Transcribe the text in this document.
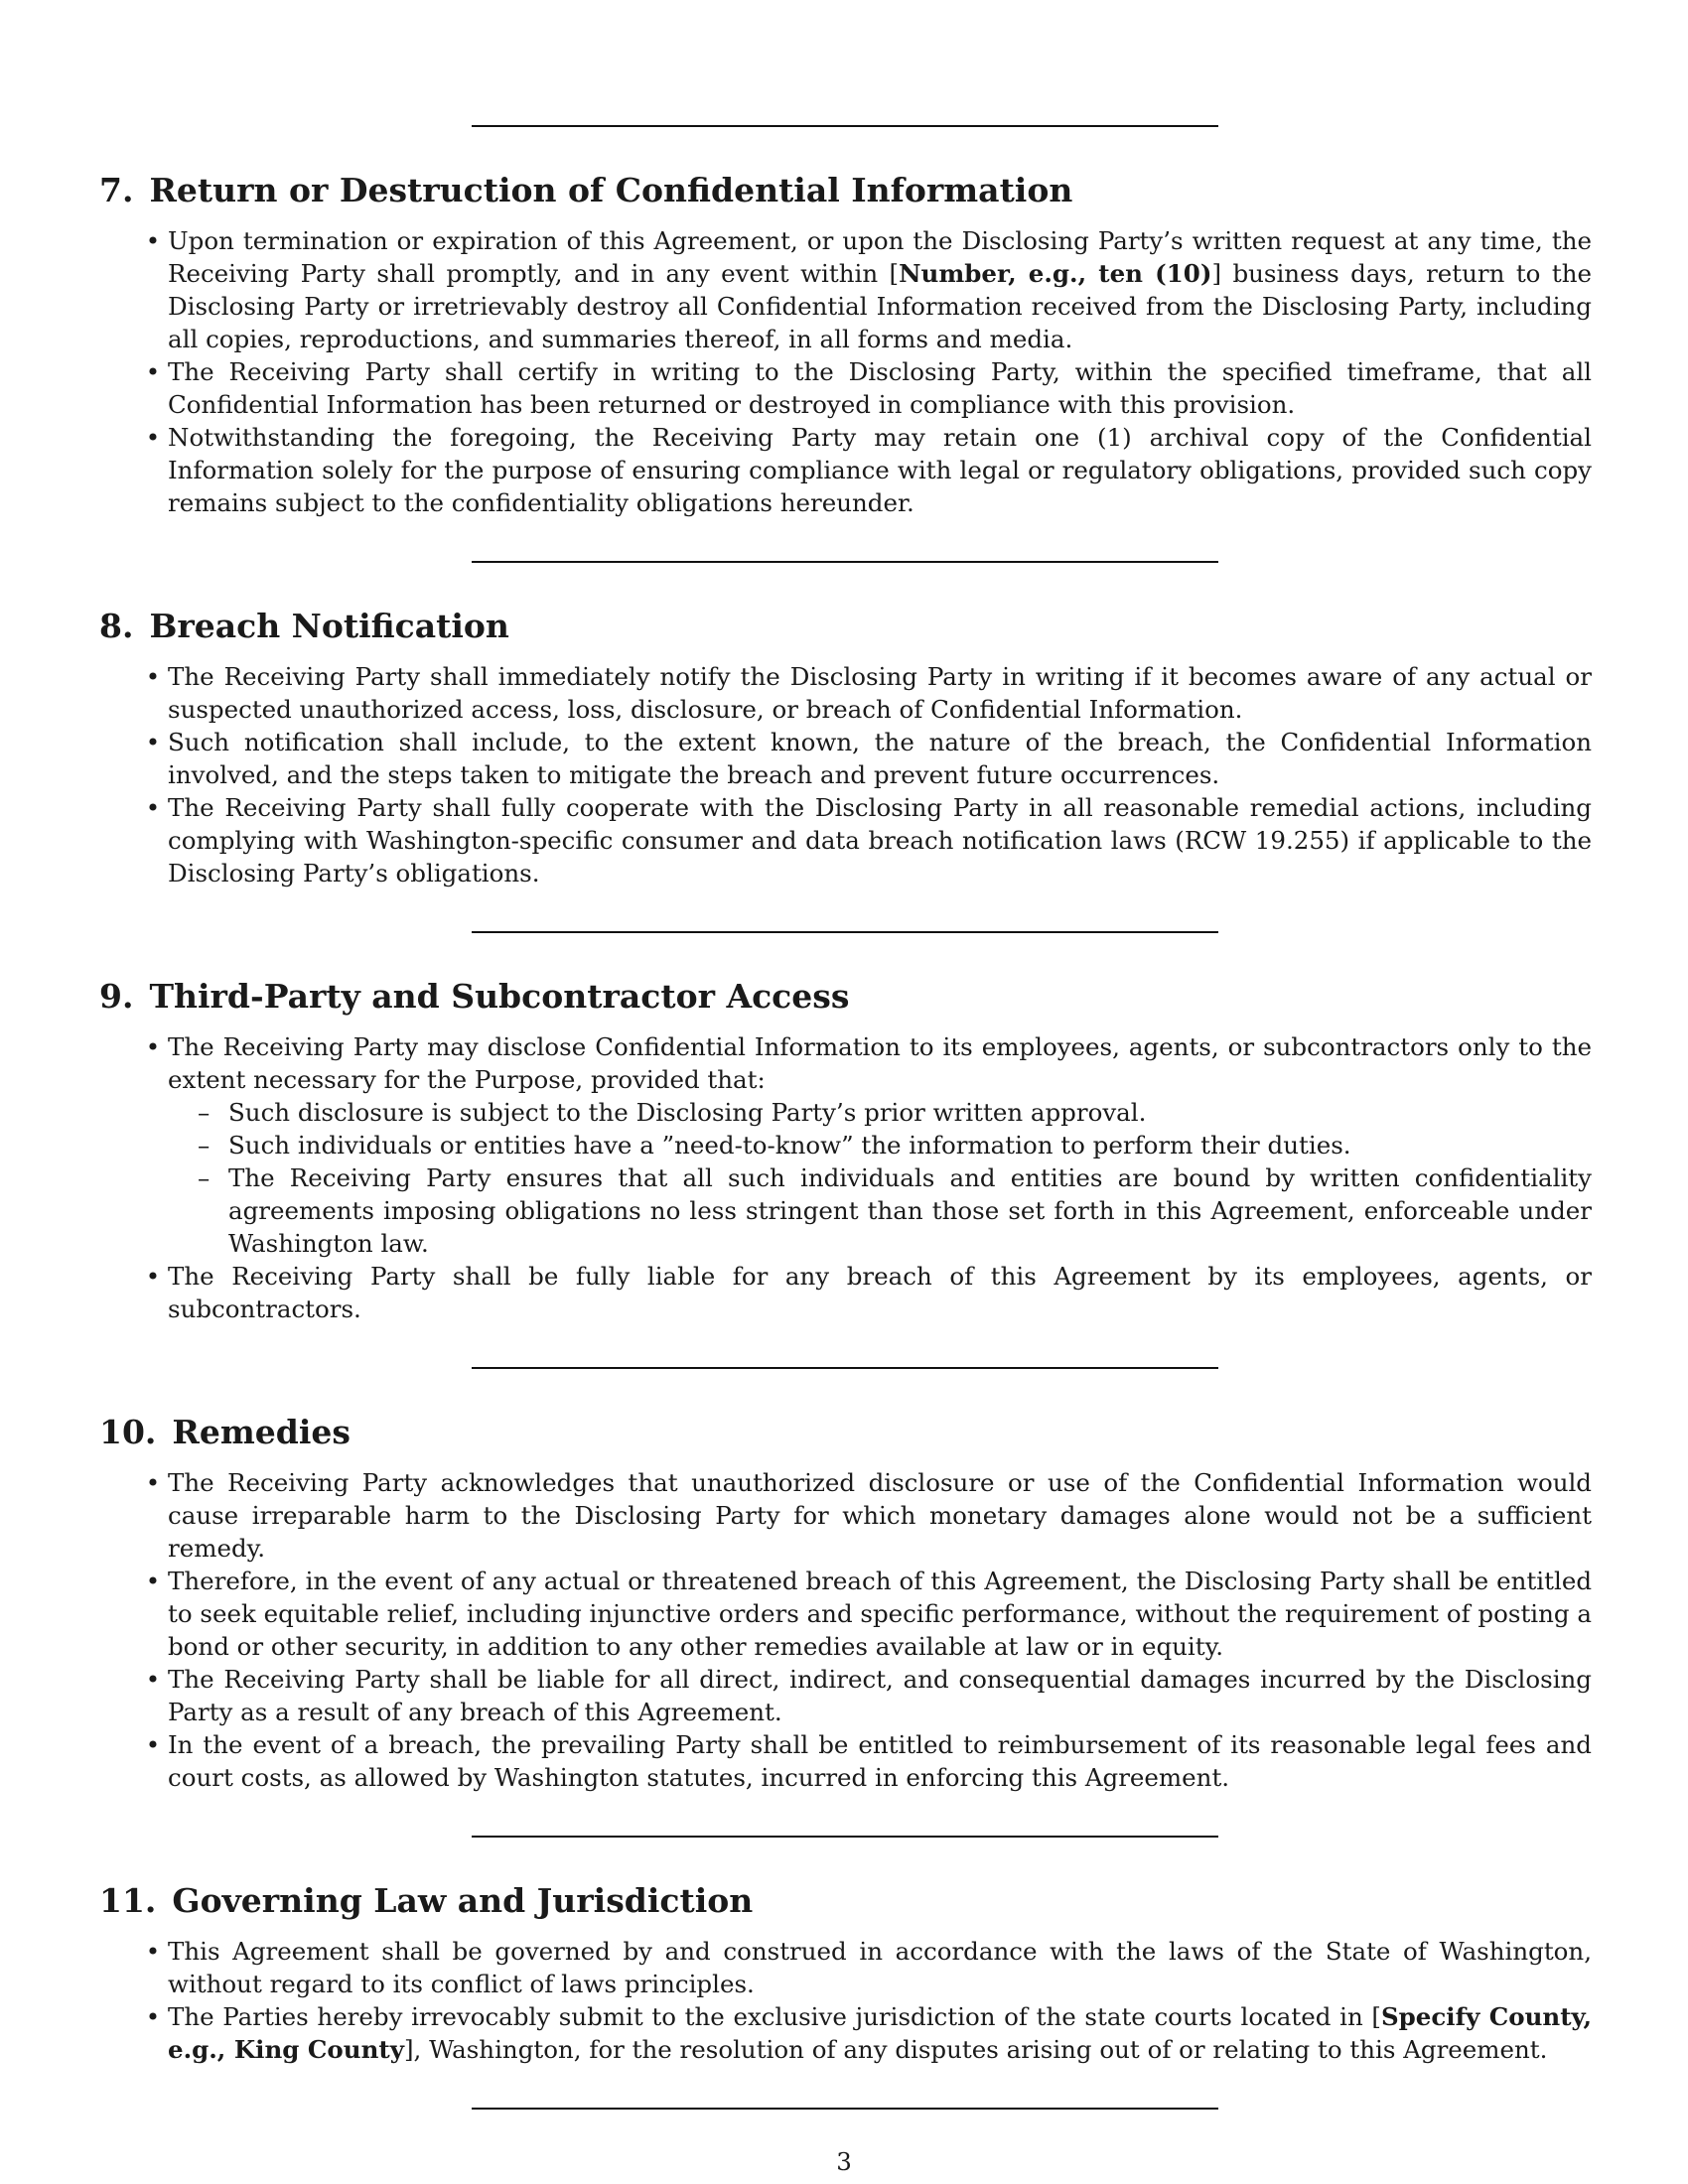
7. Return or Destruction of Confidential Information
• Upon termination or expiration of this Agreement, or upon the Disclosing Party’s written request at any time, the Receiving Party shall promptly, and in any event within [Number, e.g., ten (10)] business days, return to the Disclosing Party or irretrievably destroy all Confidential Information received from the Disclosing Party, including all copies, reproductions, and summaries thereof, in all forms and media.
• The Receiving Party shall certify in writing to the Disclosing Party, within the specified timeframe, that all Confidential Information has been returned or destroyed in compliance with this provision.
• Notwithstanding the foregoing, the Receiving Party may retain one (1) archival copy of the Confidential Information solely for the purpose of ensuring compliance with legal or regulatory obligations, provided such copy remains subject to the confidentiality obligations hereunder.
8. Breach Notification
• The Receiving Party shall immediately notify the Disclosing Party in writing if it becomes aware of any actual or suspected unauthorized access, loss, disclosure, or breach of Confidential Information.
• Such notification shall include, to the extent known, the nature of the breach, the Confidential Information involved, and the steps taken to mitigate the breach and prevent future occurrences.
• The Receiving Party shall fully cooperate with the Disclosing Party in all reasonable remedial actions, including complying with Washington-specific consumer and data breach notification laws (RCW 19.255) if applicable to the Disclosing Party’s obligations.
9. Third-Party and Subcontractor Access
• The Receiving Party may disclose Confidential Information to its employees, agents, or subcontractors only to the extent necessary for the Purpose, provided that:
– Such disclosure is subject to the Disclosing Party’s prior written approval.
– Such individuals or entities have a ”need-to-know” the information to perform their duties.
– The Receiving Party ensures that all such individuals and entities are bound by written confidentiality agreements imposing obligations no less stringent than those set forth in this Agreement, enforceable under Washington law.
• The Receiving Party shall be fully liable for any breach of this Agreement by its employees, agents, or subcontractors.
10. Remedies
• The Receiving Party acknowledges that unauthorized disclosure or use of the Confidential Information would cause irreparable harm to the Disclosing Party for which monetary damages alone would not be a sufficient remedy.
• Therefore, in the event of any actual or threatened breach of this Agreement, the Disclosing Party shall be entitled to seek equitable relief, including injunctive orders and specific performance, without the requirement of posting a bond or other security, in addition to any other remedies available at law or in equity.
• The Receiving Party shall be liable for all direct, indirect, and consequential damages incurred by the Disclosing Party as a result of any breach of this Agreement.
• In the event of a breach, the prevailing Party shall be entitled to reimbursement of its reasonable legal fees and court costs, as allowed by Washington statutes, incurred in enforcing this Agreement.
11. Governing Law and Jurisdiction
• This Agreement shall be governed by and construed in accordance with the laws of the State of Washington, without regard to its conflict of laws principles.
• The Parties hereby irrevocably submit to the exclusive jurisdiction of the state courts located in [Specify County, e.g., King County], Washington, for the resolution of any disputes arising out of or relating to this Agreement.
3
